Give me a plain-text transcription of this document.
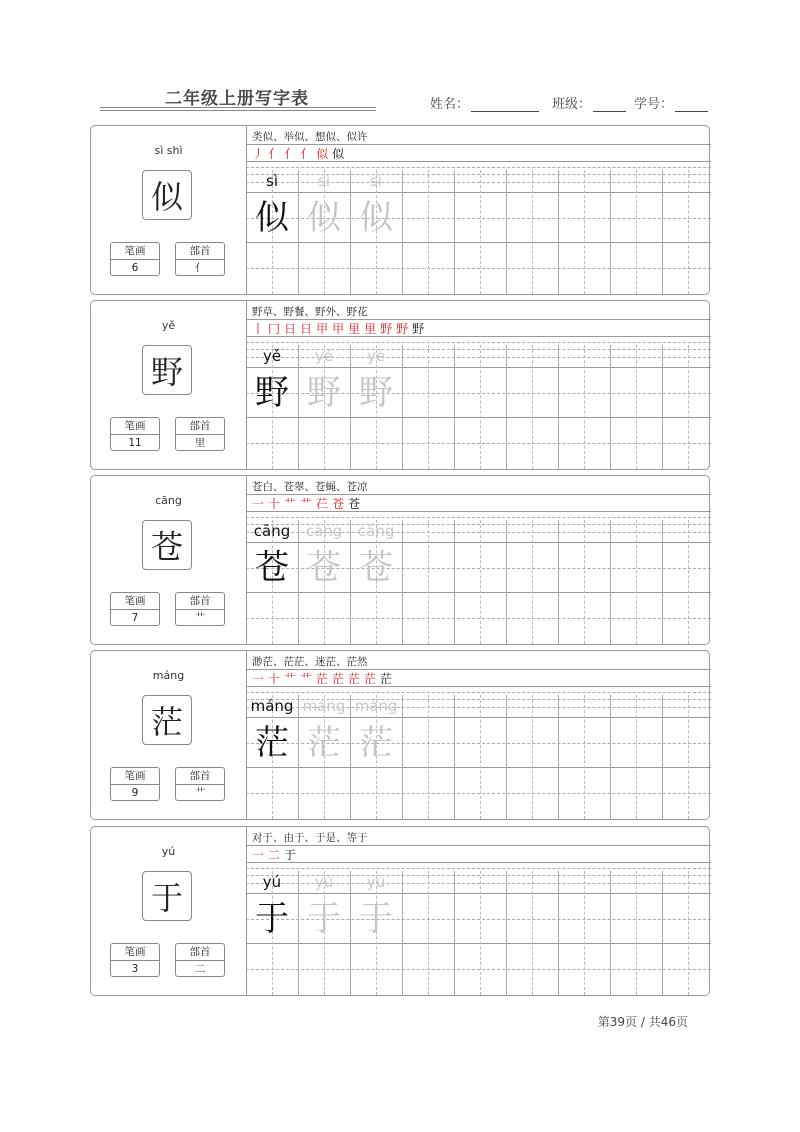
二年级上册写字表	姓名：	班级：	学号：
sì shì
似
笔画
6
部首
亻
类似、举似、想似、似许
丿 亻 亻 亻 似 似
sì
似
sì
似
sì
似
yě
野
笔画
11
部首
里
野草、野餐、野外、野花
丨 冂 日 日 甲 甲 里 里 野 野 野
yě
野
yě
野
yě
野
cāng
苍
笔画
7
部首
艹
苍白、苍翠、苍蝇、苍凉
一 十 艹 艹 芢 苍 苍
cāng
苍
cāng
苍
cāng
苍
máng
茫
笔画
9
部首
艹
渺茫、茫茫、迷茫、茫然
一 十 艹 艹 茫 茫 茫 茫 茫
máng
茫
máng
茫
máng
茫
yú
于
笔画
3
部首
二
对于、由于、于是、等于
一 二 于
yú
于
yú
于
yú
于
第39页 / 共46页
